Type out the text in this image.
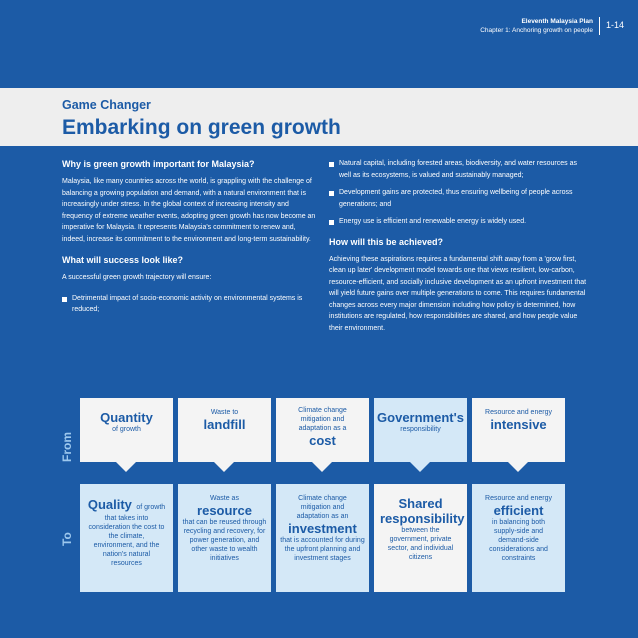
Eleventh Malaysia Plan
Chapter 1: Anchoring growth on people
1-14
Game Changer
Embarking on green growth
Why is green growth important for Malaysia?
Malaysia, like many countries across the world, is grappling with the challenge of balancing a growing population and demand, with a natural environment that is increasingly under stress. In the global context of increasing intensity and frequency of extreme weather events, adopting green growth has now become an imperative for Malaysia. It represents Malaysia's commitment to renew and, indeed, increase its commitment to the environment and long-term sustainability.
What will success look like?
A successful green growth trajectory will ensure:
Detrimental impact of socio-economic activity on environmental systems is reduced;
Natural capital, including forested areas, biodiversity, and water resources as well as its ecosystems, is valued and sustainably managed;
Development gains are protected, thus ensuring wellbeing of people across generations; and
Energy use is efficient and renewable energy is widely used.
How will this be achieved?
Achieving these aspirations requires a fundamental shift away from a 'grow first, clean up later' development model towards one that views resilient, low-carbon, resource-efficient, and socially inclusive development as an upfront investment that will yield future gains over multiple generations to come. This requires fundamental changes across every major dimension including how policy is determined, how institutions are regulated, how responsibilities are shared, and how people value their environment.
From
To
Quantity
of growth
Waste to
landfill
Climate change mitigation and adaptation as a
cost
Government's
responsibility
Resource and energy
intensive
Quality of growth
that takes into consideration the cost to the climate, environment, and the nation's natural resources
Waste as
resource
that can be reused through recycling and recovery, for power generation, and other waste to wealth initiatives
Climate change mitigation and adaptation as an
investment
that is accounted for during the upfront planning and investment stages
Shared responsibility
between the government, private sector, and individual citizens
Resource and energy
efficient
in balancing both supply-side and demand-side considerations and constraints
